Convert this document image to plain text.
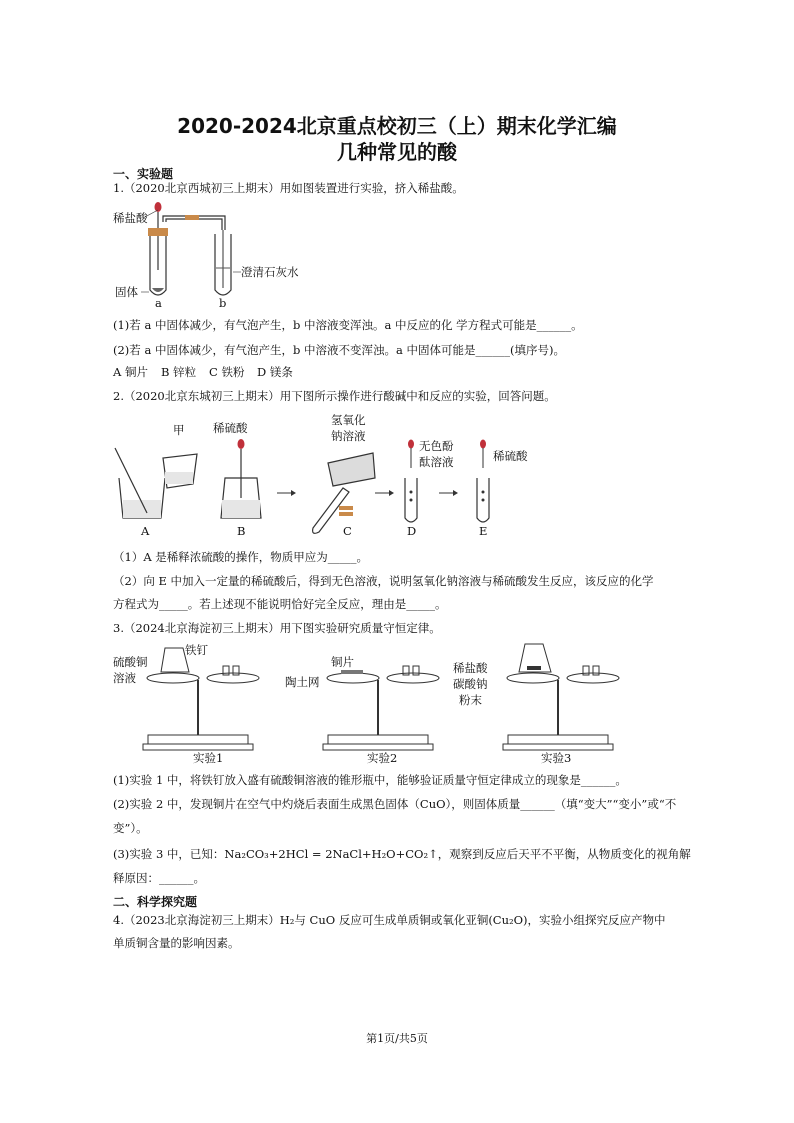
2020-2024北京重点校初三（上）期末化学汇编
几种常见的酸
一、实验题
1.（2020北京西城初三上期末）用如图装置进行实验，挤入稀盐酸。
稀盐酸
固体
澄清石灰水
a	b
(1)若 a 中固体减少，有气泡产生，b 中溶液变浑浊。a 中反应的化 学方程式可能是______。
(2)若 a 中固体减少，有气泡产生，b 中溶液不变浑浊。a 中固体可能是______(填序号)。
A 铜片 B 锌粒 C 铁粉 D 镁条
2.（2020北京东城初三上期末）用下图所示操作进行酸碱中和反应的实验，回答问题。
甲 稀硫酸
氢氧化
钠溶液
无色酚
酞溶液	稀硫酸
A	B	C	D	E
（1）A 是稀释浓硫酸的操作，物质甲应为_____。
（2）向 E 中加入一定量的稀硫酸后，得到无色溶液，说明氢氧化钠溶液与稀硫酸发生反应，该反应的化学
方程式为_____。若上述现不能说明恰好完全反应，理由是_____。
3.（2024北京海淀初三上期末）用下图实验研究质量守恒定律。
硫酸铜
溶液
铁钉
铜片
陶土网
稀盐酸
碳酸钠
粉末
实验1	实验2	实验3
(1)实验 1 中，将铁钉放入盛有硫酸铜溶液的锥形瓶中，能够验证质量守恒定律成立的现象是______。
(2)实验 2 中，发现铜片在空气中灼烧后表面生成黑色固体（CuO），则固体质量______（填“变大”“变小”或“不
变”）。
(3)实验 3 中，已知：Na₂CO₃+2HCl = 2NaCl+H₂O+CO₂↑，观察到反应后天平不平衡，从物质变化的视角解
释原因：______。
二、科学探究题
4.（2023北京海淀初三上期末）H₂与 CuO 反应可生成单质铜或氧化亚铜(Cu₂O)，实验小组探究反应产物中
单质铜含量的影响因素。
第1页/共5页
